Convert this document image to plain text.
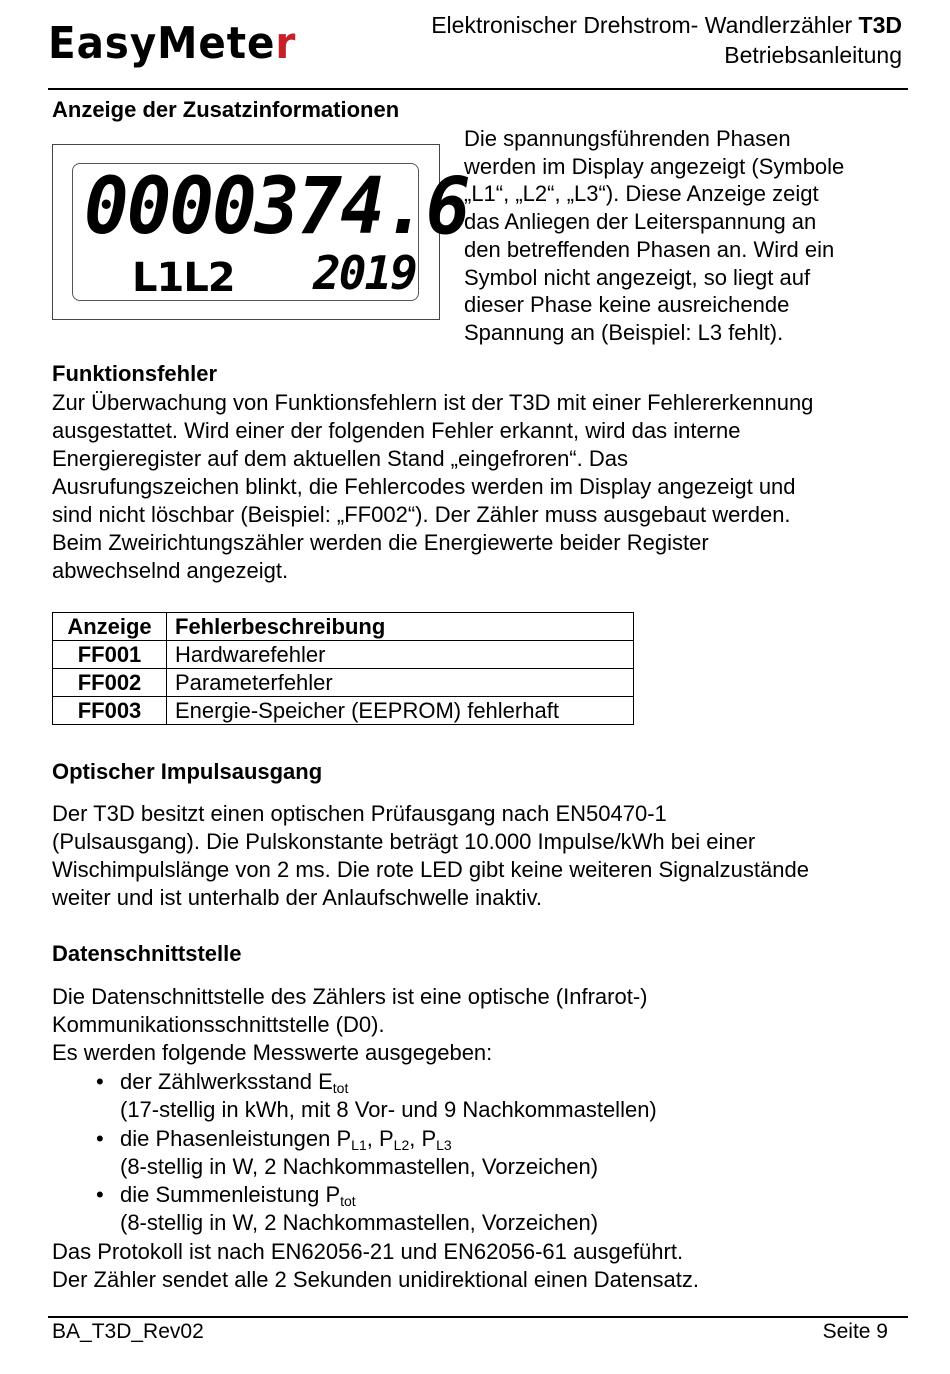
EasyMeter	Elektronischer Drehstrom- Wandlerzähler T3D
Betriebsanleitung
Anzeige der Zusatzinformationen
0000374.6
L1L2 2019
Die spannungsführenden Phasen
werden im Display angezeigt (Symbole
„L1“, „L2“, „L3“). Diese Anzeige zeigt
das Anliegen der Leiterspannung an
den betreffenden Phasen an. Wird ein
Symbol nicht angezeigt, so liegt auf
dieser Phase keine ausreichende
Spannung an (Beispiel: L3 fehlt).
Funktionsfehler
Zur Überwachung von Funktionsfehlern ist der T3D mit einer Fehlererkennung
ausgestattet. Wird einer der folgenden Fehler erkannt, wird das interne
Energieregister auf dem aktuellen Stand „eingefroren“. Das
Ausrufungszeichen blinkt, die Fehlercodes werden im Display angezeigt und
sind nicht löschbar (Beispiel: „FF002“). Der Zähler muss ausgebaut werden.
Beim Zweirichtungszähler werden die Energiewerte beider Register
abwechselnd angezeigt.
Anzeige	Fehlerbeschreibung
FF001	Hardwarefehler
FF002	Parameterfehler
FF003	Energie-Speicher (EEPROM) fehlerhaft
Optischer Impulsausgang
Der T3D besitzt einen optischen Prüfausgang nach EN50470-1
(Pulsausgang). Die Pulskonstante beträgt 10.000 Impulse/kWh bei einer
Wischimpulslänge von 2 ms. Die rote LED gibt keine weiteren Signalzustände
weiter und ist unterhalb der Anlaufschwelle inaktiv.
Datenschnittstelle
Die Datenschnittstelle des Zählers ist eine optische (Infrarot-)
Kommunikationsschnittstelle (D0).
Es werden folgende Messwerte ausgegeben:
• der Zählwerksstand $E_{tot}$
(17-stellig in kWh, mit 8 Vor- und 9 Nachkommastellen)
• die Phasenleistungen $P_{L1}$, $P_{L2}$, $P_{L3}$
(8-stellig in W, 2 Nachkommastellen, Vorzeichen)
• die Summenleistung $P_{tot}$
(8-stellig in W, 2 Nachkommastellen, Vorzeichen)
Das Protokoll ist nach EN62056-21 und EN62056-61 ausgeführt.
Der Zähler sendet alle 2 Sekunden unidirektional einen Datensatz.
BA_T3D_Rev02	Seite 9
